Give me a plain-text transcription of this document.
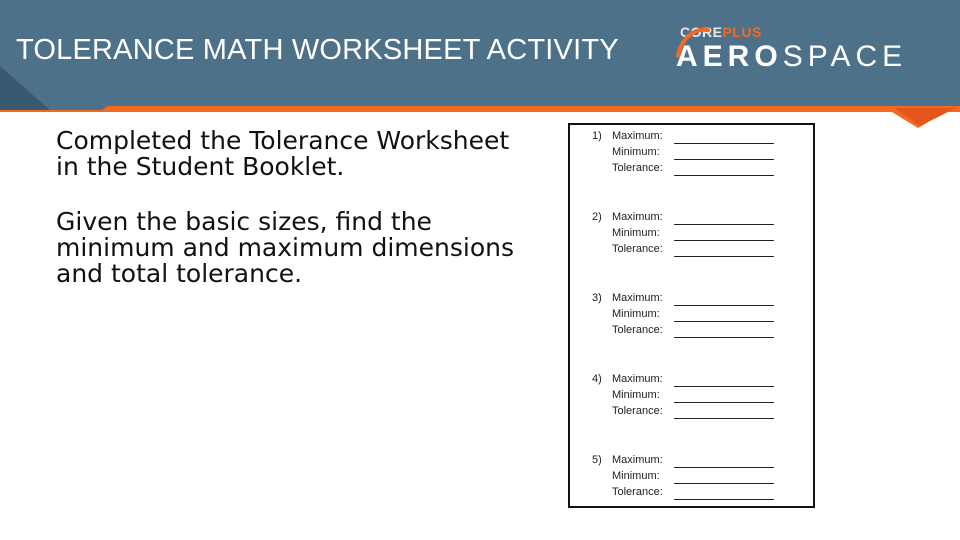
TOLERANCE MATH WORKSHEET ACTIVITY
COREPLUS
AEROSPACE

Completed the Tolerance Worksheet in the Student Booklet.

Given the basic sizes, find the minimum and maximum dimensions and total tolerance.

1) Maximum:
Minimum:
Tolerance:
2) Maximum:
Minimum:
Tolerance:
3) Maximum:
Minimum:
Tolerance:
4) Maximum:
Minimum:
Tolerance:
5) Maximum:
Minimum:
Tolerance:
